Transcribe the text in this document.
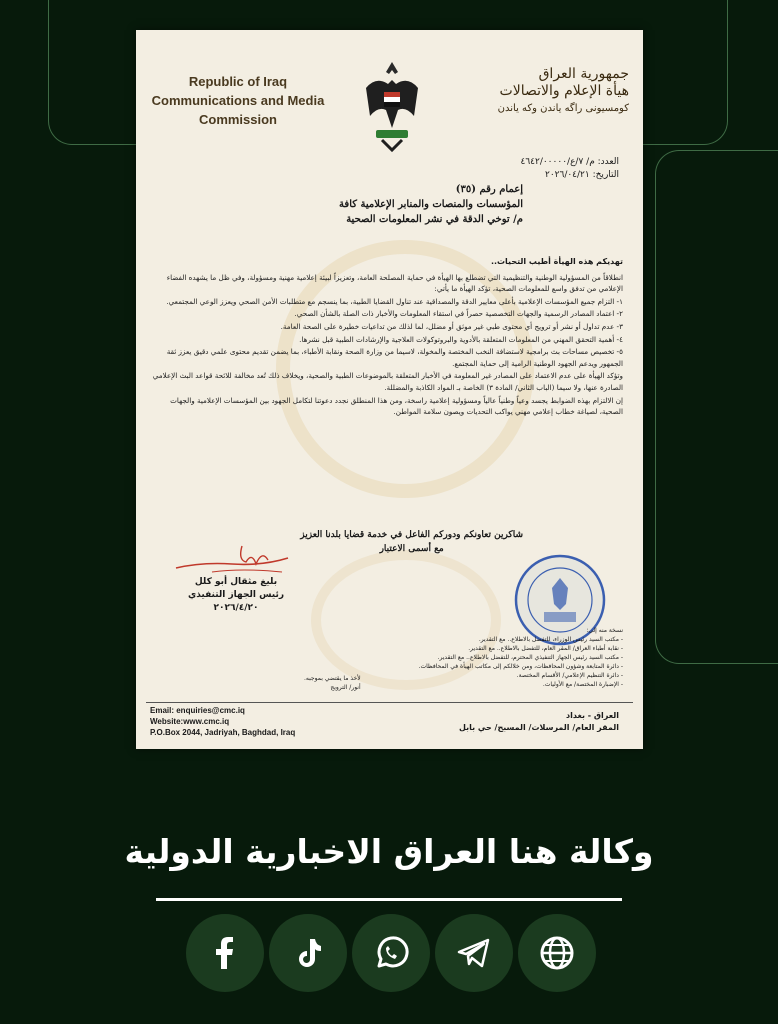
Republic of Iraq
Communications and Media
Commission
جمهورية العراق
هيأة الإعلام والاتصالات
كومسيونى راگه ياندن وكه ياندن
العدد: م/ ٧/ع/٤٦٤٢/٠٠٠٠٠
التاريخ: ٢٠٢٦/٠٤/٢١
إعمام رقم (٣٥)
المؤسسات والمنصات والمنابر الإعلامية كافة
م/ توخي الدقة في نشر المعلومات الصحية

تهديكم هذه الهيأة أطيب التحيات..

انطلاقاً من المسؤولية الوطنية والتنظيمية التي تضطلع بها الهيأة في حماية المصلحة العامة، وتعزيزاً لبيئة إعلامية مهنية ومسؤولة، وفي ظل ما يشهده الفضاء الإعلامي من تدفق واسع للمعلومات الصحية، تؤكد الهيأة ما يأتي:

١- التزام جميع المؤسسات الإعلامية بأعلى معايير الدقة والمصداقية عند تناول القضايا الطبية، بما ينسجم مع متطلبات الأمن الصحي ويعزز الوعي المجتمعي.

٢- اعتماد المصادر الرسمية والجهات التخصصية حصراً في استقاء المعلومات والأخبار ذات الصلة بالشأن الصحي.

٣- عدم تداول أو نشر أو ترويج أي محتوى طبي غير موثق أو مضلل، لما لذلك من تداعيات خطيرة على الصحة العامة.

٤- أهمية التحقق المهني من المعلومات المتعلقة بالأدوية والبروتوكولات العلاجية والإرشادات الطبية قبل نشرها.

٥- تخصيص مساحات بث برامجية لاستضافة النخب المختصة والمخولة، لاسيما من وزارة الصحة ونقابة الأطباء، بما يضمن تقديم محتوى علمي دقيق يعزز ثقة الجمهور ويدعم الجهود الوطنية الرامية إلى حماية المجتمع.

وتؤكد الهيأة على عدم الاعتماد على المصادر غير المعلومة في الأخبار المتعلقة بالموضوعات الطبية والصحية، ويخلاف ذلك تُعد مخالفة للائحة قواعد البث الإعلامي الصادرة عنها، ولا سيما (الباب الثاني/ المادة ٣) الخاصة بـ المواد الكاذبة والمضللة.

إن الالتزام بهذه الضوابط يجسد وعياً وطنياً عالياً ومسؤولية إعلامية راسخة، ومن هذا المنطلق نجدد دعوتنا لتكامل الجهود بين المؤسسات الإعلامية والجهات الصحية، لصياغة خطاب إعلامي مهني يواكب التحديات ويصون سلامة المواطن.

شاكرين تعاونكم ودوركم الفاعل في خدمة قضايا بلدنا العزيز
مع أسمى الاعتبار
بليغ مثقال أبو كلل
رئيس الجهاز التنفيذي
٢٠٢٦/٤/٢٠
نسخة منه إلى:
- مكتب السيد رئيس الوزراء، للتفضل بالاطلاع.. مع التقدير.
- نقابة أطباء العراق/ المقر العام، للتفضل بالاطلاع.. مع التقدير.
- مكتب السيد رئيس الجهاز التنفيذي المحترم، للتفضل بالاطلاع.. مع التقدير.
- دائرة المتابعة وشؤون المحافظات، ومن خلالكم إلى مكاتب الهيأة في المحافظات.
- دائرة التنظيم الإعلامي/ الأقسام المختصة.
- الإضبارة المختصة/ مع الأوليات.
لأخذ ما يقتضي بموجبه.
أنور/ الترويج
Email: enquiries@cmc.iq
Website:www.cmc.iq
P.O.Box 2044, Jadriyah, Baghdad, Iraq
العراق - بغداد
المقر العام/ المرسلات/ المسبح/ حي بابل
وكالة هنا العراق الاخبارية الدولية
